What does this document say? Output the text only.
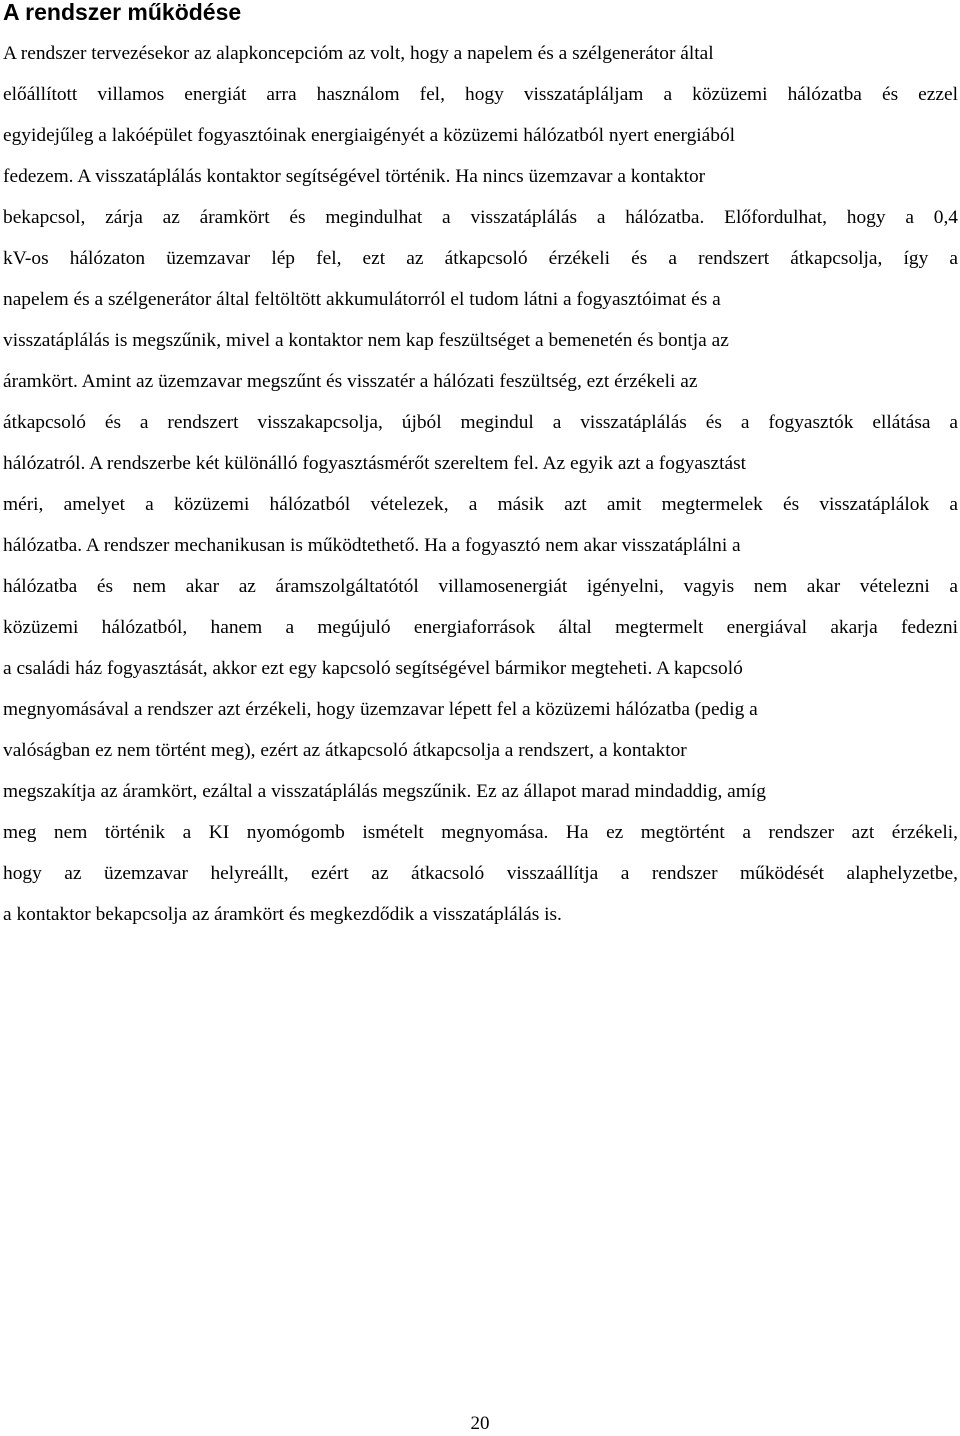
A rendszer működése
A rendszer tervezésekor az alapkoncepcióm az volt, hogy a napelem és a szélgenerátor által
előállított villamos energiát arra használom fel, hogy visszatápláljam a közüzemi hálózatba és ezzel
egyidejűleg a lakóépület fogyasztóinak energiaigényét a közüzemi hálózatból nyert energiából
fedezem. A visszatáplálás kontaktor segítségével történik. Ha nincs üzemzavar a kontaktor
bekapcsol, zárja az áramkört és megindulhat a visszatáplálás a hálózatba. Előfordulhat, hogy a 0,4
kV-os hálózaton üzemzavar lép fel, ezt az átkapcsoló érzékeli és a rendszert átkapcsolja, így a
napelem és a szélgenerátor által feltöltött akkumulátorról el tudom látni a fogyasztóimat és a
visszatáplálás is megszűnik, mivel a kontaktor nem kap feszültséget a bemenetén és bontja az
áramkört. Amint az üzemzavar megszűnt és visszatér a hálózati feszültség, ezt érzékeli az
átkapcsoló és a rendszert visszakapcsolja, újból megindul a visszatáplálás és a fogyasztók ellátása a
hálózatról. A rendszerbe két különálló fogyasztásmérőt szereltem fel. Az egyik azt a fogyasztást
méri, amelyet a közüzemi hálózatból vételezek, a másik azt amit megtermelek és visszatáplálok a
hálózatba. A rendszer mechanikusan is működtethető. Ha a fogyasztó nem akar visszatáplálni a
hálózatba és nem akar az áramszolgáltatótól villamosenergiát igényelni, vagyis nem akar vételezni a
közüzemi hálózatból, hanem a megújuló energiaforrások által megtermelt energiával akarja fedezni
a családi ház fogyasztását, akkor ezt egy kapcsoló segítségével bármikor megteheti. A kapcsoló
megnyomásával a rendszer azt érzékeli, hogy üzemzavar lépett fel a közüzemi hálózatba (pedig a
valóságban ez nem történt meg), ezért az átkapcsoló átkapcsolja a rendszert, a kontaktor
megszakítja az áramkört, ezáltal a visszatáplálás megszűnik. Ez az állapot marad mindaddig, amíg
meg nem történik a KI nyomógomb ismételt megnyomása. Ha ez megtörtént a rendszer azt érzékeli,
hogy az üzemzavar helyreállt, ezért az átkacsoló visszaállítja a rendszer működését alaphelyzetbe,
a kontaktor bekapcsolja az áramkört és megkezdődik a visszatáplálás is.
20
